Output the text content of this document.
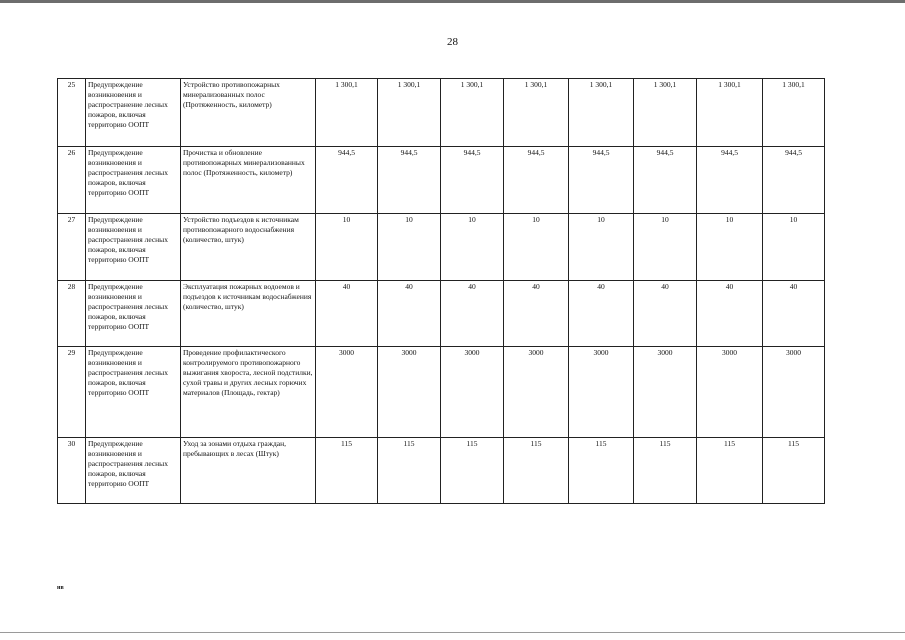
28
25	Предупреждение возникновения и распространение лесных пожаров, включая территорию ООПТ	Устройство противопожарных минерализованных полос (Протяженность, километр)	1 300,1	1 300,1	1 300,1	1 300,1	1 300,1	1 300,1	1 300,1	1 300,1
26	Предупреждение возникновения и распространения лесных пожаров, включая территорию ООПТ	Прочистка и обновление противопожарных минерализованных полос (Протяженность, километр)	944,5	944,5	944,5	944,5	944,5	944,5	944,5	944,5
27	Предупреждение возникновения и распространения лесных пожаров, включая территорию ООПТ	Устройство подъездов к источникам противопожарного водоснабжения (количество, штук)	10	10	10	10	10	10	10	10
28	Предупреждение возникновения и распространения лесных пожаров, включая территорию ООПТ	Эксплуатация пожарных водоемов и подъездов к источникам водоснабжения (количество, штук)	40	40	40	40	40	40	40	40
29	Предупреждение возникновения и распространения лесных пожаров, включая территорию ООПТ	Проведение профилактического контролируемого противопожарного выжигания хвороста, лесной подстилки, сухой травы и других лесных горючих материалов (Площадь, гектар)	3000	3000	3000	3000	3000	3000	3000	3000
30	Предупреждение возникновения и распространения лесных пожаров, включая территорию ООПТ	Уход за зонами отдыха граждан, пребывающих в лесах (Штук)	115	115	115	115	115	115	115	115
нв
